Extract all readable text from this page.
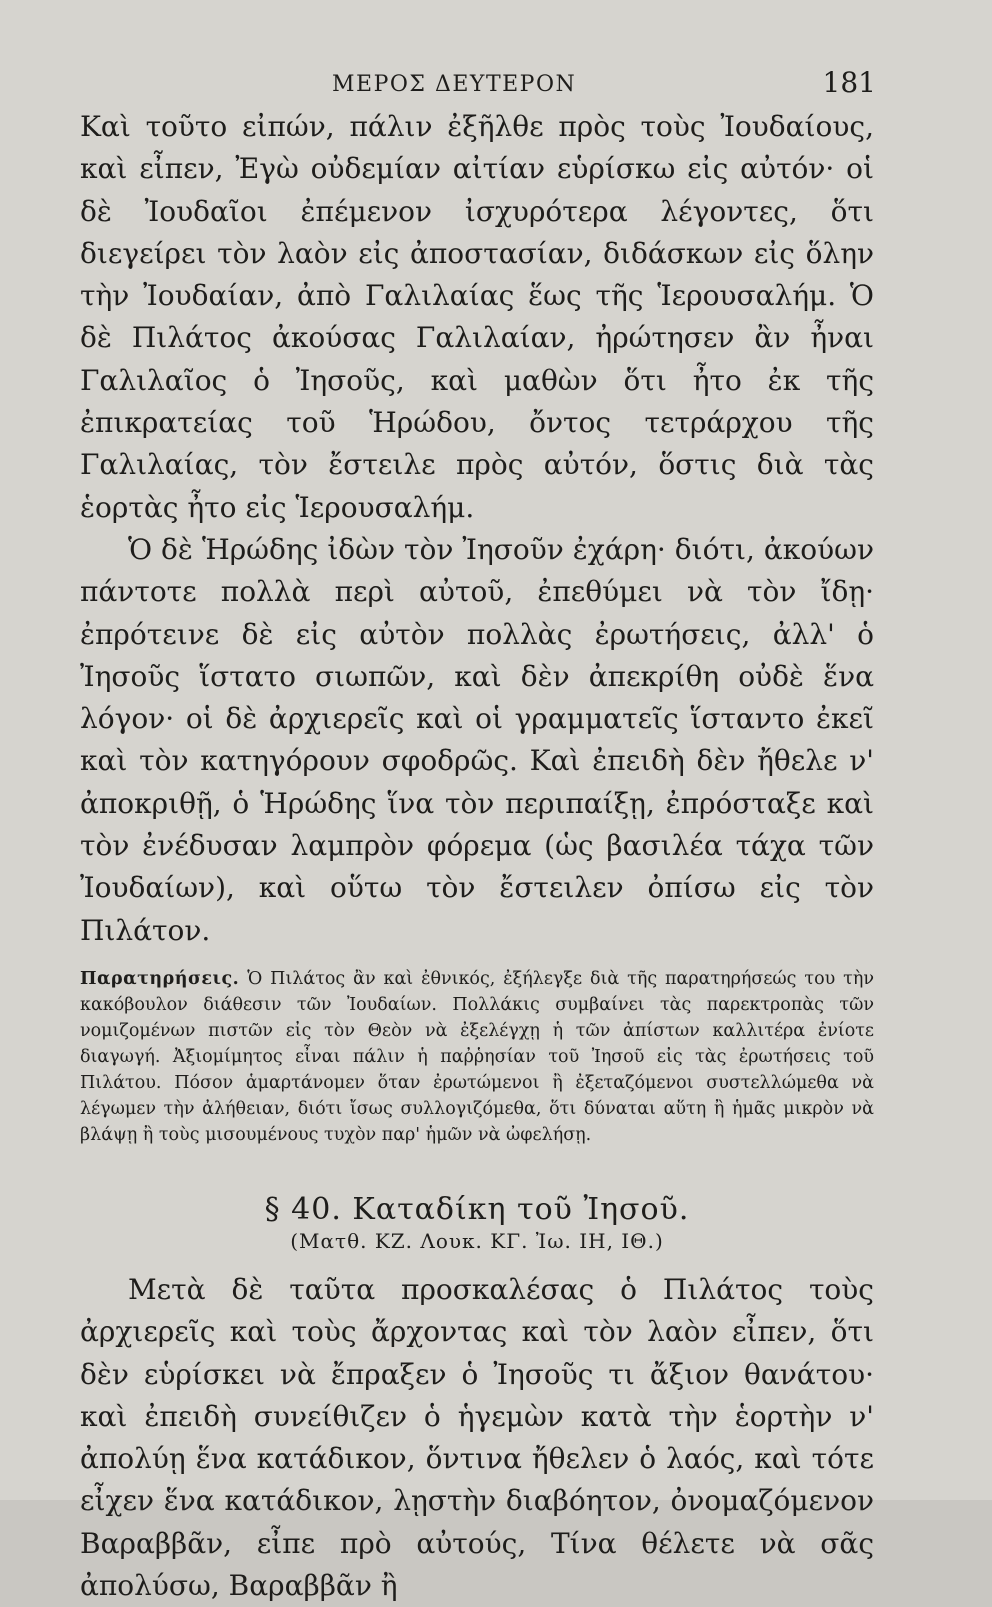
ΜΕΡΟΣ ΔΕΥΤΕΡΟΝ	181

Καὶ τοῦτο εἰπών, πάλιν ἐξῆλθε πρὸς τοὺς Ἰουδαίους, καὶ εἶπεν, Ἐγὼ οὐδεμίαν αἰτίαν εὑρίσκω εἰς αὐτόν· οἱ δὲ Ἰουδαῖοι ἐπέμενον ἰσχυρότερα λέγοντες, ὅτι διεγείρει τὸν λαὸν εἰς ἀποστασίαν, διδάσκων εἰς ὅλην τὴν Ἰουδαίαν, ἀπὸ Γαλιλαίας ἕως τῆς Ἱερουσαλήμ. Ὁ δὲ Πιλάτος ἀκούσας Γαλιλαίαν, ἠρώτησεν ἂν ἦναι Γαλιλαῖος ὁ Ἰησοῦς, καὶ μαθὼν ὅτι ἦτο ἐκ τῆς ἐπικρατείας τοῦ Ἡρώδου, ὄντος τετράρχου τῆς Γαλιλαίας, τὸν ἔστειλε πρὸς αὐτόν, ὅστις διὰ τὰς ἑορτὰς ἦτο εἰς Ἱερουσαλήμ.

Ὁ δὲ Ἡρώδης ἰδὼν τὸν Ἰησοῦν ἐχάρη· διότι, ἀκούων πάντοτε πολλὰ περὶ αὐτοῦ, ἐπεθύμει νὰ τὸν ἴδῃ· ἐπρότεινε δὲ εἰς αὐτὸν πολλὰς ἐρωτήσεις, ἀλλ' ὁ Ἰησοῦς ἵστατο σιωπῶν, καὶ δὲν ἀπεκρίθη οὐδὲ ἕνα λόγον· οἱ δὲ ἀρχιερεῖς καὶ οἱ γραμματεῖς ἵσταντο ἐκεῖ καὶ τὸν κατηγόρουν σφοδρῶς. Καὶ ἐπειδὴ δὲν ἤθελε ν' ἀποκριθῇ, ὁ Ἡρώδης ἵνα τὸν περιπαίξῃ, ἐπρόσταξε καὶ τὸν ἐνέδυσαν λαμπρὸν φόρεμα (ὡς βασιλέα τάχα τῶν Ἰουδαίων), καὶ οὕτω τὸν ἔστειλεν ὀπίσω εἰς τὸν Πιλάτον.

Παρατηρήσεις. Ὁ Πιλάτος ἂν καὶ ἐθνικός, ἐξήλεγξε διὰ τῆς παρατηρήσεώς του τὴν κακόβουλον διάθεσιν τῶν Ἰουδαίων. Πολλάκις συμβαίνει τὰς παρεκτροπὰς τῶν νομιζομένων πιστῶν εἰς τὸν Θεὸν νὰ ἐξελέγχῃ ἡ τῶν ἀπίστων καλλιτέρα ἐνίοτε διαγωγή. Ἀξιομίμητος εἶναι πάλιν ἡ παῤῥησίαν τοῦ Ἰησοῦ εἰς τὰς ἐρωτήσεις τοῦ Πιλάτου. Πόσον ἁμαρτάνομεν ὅταν ἐρωτώμενοι ἢ ἐξεταζόμενοι συστελλώμεθα νὰ λέγωμεν τὴν ἀλήθειαν, διότι ἴσως συλλογιζόμεθα, ὅτι δύναται αὕτη ἢ ἡμᾶς μικρὸν νὰ βλάψῃ ἢ τοὺς μισουμένους τυχὸν παρ' ἡμῶν νὰ ὠφελήσῃ.
§ 40. Καταδίκη τοῦ Ἰησοῦ.
(Ματθ. ΚΖ. Λουκ. ΚΓ. Ἰω. ΙΗ, ΙΘ.)

Μετὰ δὲ ταῦτα προσκαλέσας ὁ Πιλάτος τοὺς ἀρχιερεῖς καὶ τοὺς ἄρχοντας καὶ τὸν λαὸν εἶπεν, ὅτι δὲν εὑρίσκει νὰ ἔπραξεν ὁ Ἰησοῦς τι ἄξιον θανάτου· καὶ ἐπειδὴ συνείθιζεν ὁ ἡγεμὼν κατὰ τὴν ἑορτὴν ν' ἀπολύῃ ἕνα κατάδικον, ὅντινα ἤθελεν ὁ λαός, καὶ τότε εἶχεν ἕνα κατάδικον, λῃστὴν διαβόητον, ὀνομαζόμενον Βαραββᾶν, εἶπε πρὸ αὐτούς, Τίνα θέλετε νὰ σᾶς ἀπολύσω, Βαραββᾶν ἢ
